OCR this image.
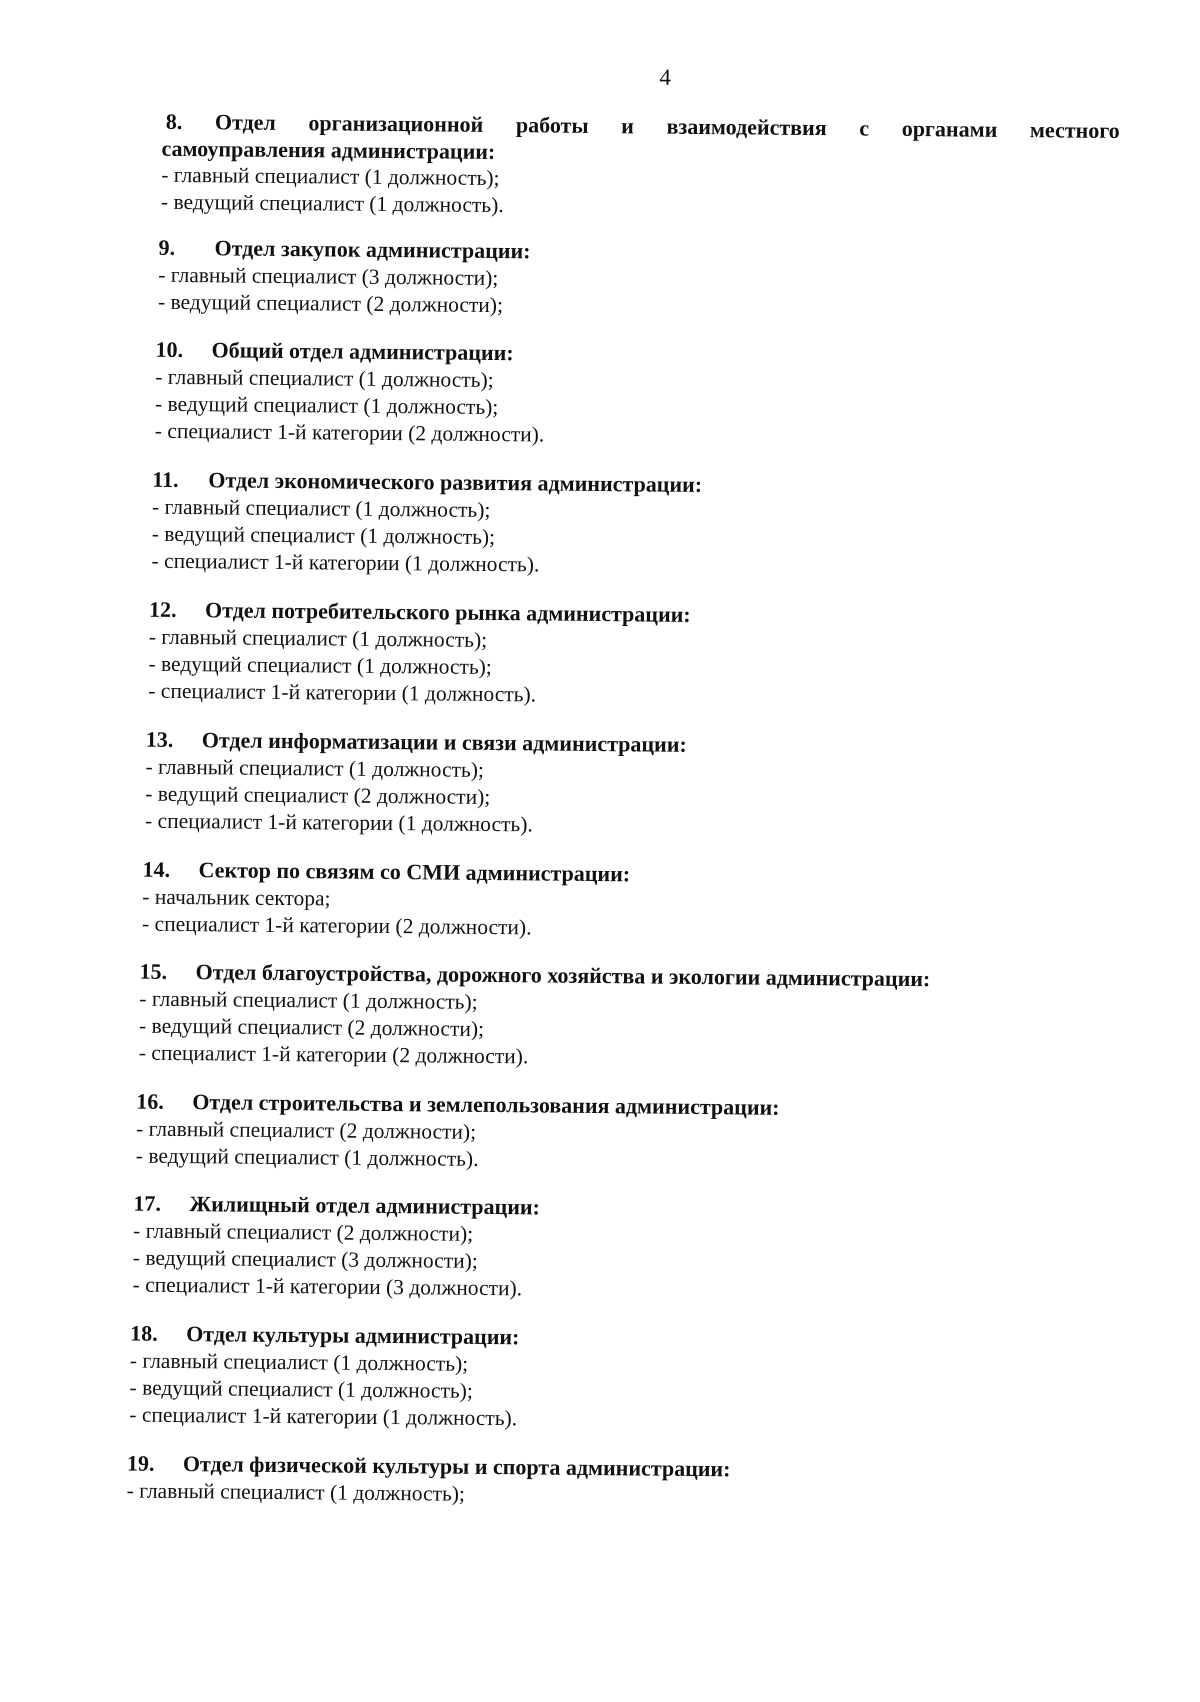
4
8. Отдел организационной работы и взаимодействия с органами местного
самоуправления администрации:
- главный специалист (1 должность);
- ведущий специалист (1 должность).
9.	Отдел закупок администрации:
- главный специалист (3 должности);
- ведущий специалист (2 должности);
10.	Общий отдел администрации:
- главный специалист (1 должность);
- ведущий специалист (1 должность);
- специалист 1-й категории (2 должности).
11.	Отдел экономического развития администрации:
- главный специалист (1 должность);
- ведущий специалист (1 должность);
- специалист 1-й категории (1 должность).
12.	Отдел потребительского рынка администрации:
- главный специалист (1 должность);
- ведущий специалист (1 должность);
- специалист 1-й категории (1 должность).
13.	Отдел информатизации и связи администрации:
- главный специалист (1 должность);
- ведущий специалист (2 должности);
- специалист 1-й категории (1 должность).
14.	Сектор по связям со СМИ администрации:
- начальник сектора;
- специалист 1-й категории (2 должности).
15.	Отдел благоустройства, дорожного хозяйства и экологии администрации:
- главный специалист (1 должность);
- ведущий специалист (2 должности);
- специалист 1-й категории (2 должности).
16.	Отдел строительства и землепользования администрации:
- главный специалист (2 должности);
- ведущий специалист (1 должность).
17.	Жилищный отдел администрации:
- главный специалист (2 должности);
- ведущий специалист (3 должности);
- специалист 1-й категории (3 должности).
18.	Отдел культуры администрации:
- главный специалист (1 должность);
- ведущий специалист (1 должность);
- специалист 1-й категории (1 должность).
19.	Отдел физической культуры и спорта администрации:
- главный специалист (1 должность);
